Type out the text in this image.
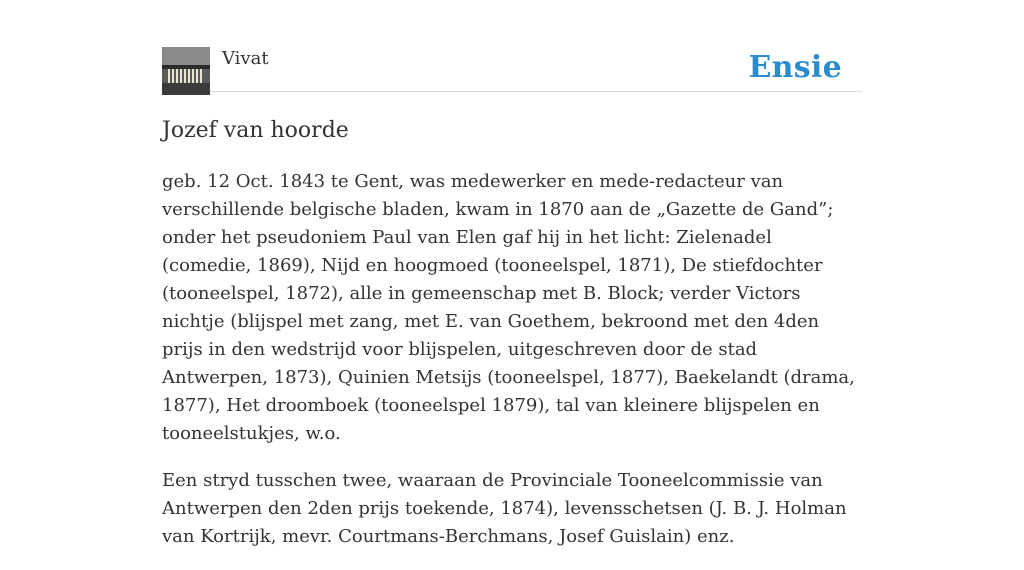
Vivat	Ensie
Jozef van hoorde

geb. 12 Oct. 1843 te Gent, was medewerker en mede-redacteur van verschillende belgische bladen, kwam in 1870 aan de „Gazette de Gand”; onder het pseudoniem Paul van Elen gaf hij in het licht: Zielenadel (comedie, 1869), Nijd en hoogmoed (tooneelspel, 1871), De stiefdochter (tooneelspel, 1872), alle in gemeenschap met B. Block; verder Victors nichtje (blijspel met zang, met E. van Goethem, bekroond met den 4den prijs in den wedstrijd voor blijspelen, uitgeschreven door de stad Antwerpen, 1873), Quinien Metsijs (tooneelspel, 1877), Baekelandt (drama, 1877), Het droomboek (tooneelspel 1879), tal van kleinere blijspelen en tooneelstukjes, w.o.

Een stryd tusschen twee, waaraan de Provinciale Tooneelcommissie van Antwerpen den 2den prijs toekende, 1874), levensschetsen (J. B. J. Holman van Kortrijk, mevr. Courtmans-Berchmans, Josef Guislain) enz.
